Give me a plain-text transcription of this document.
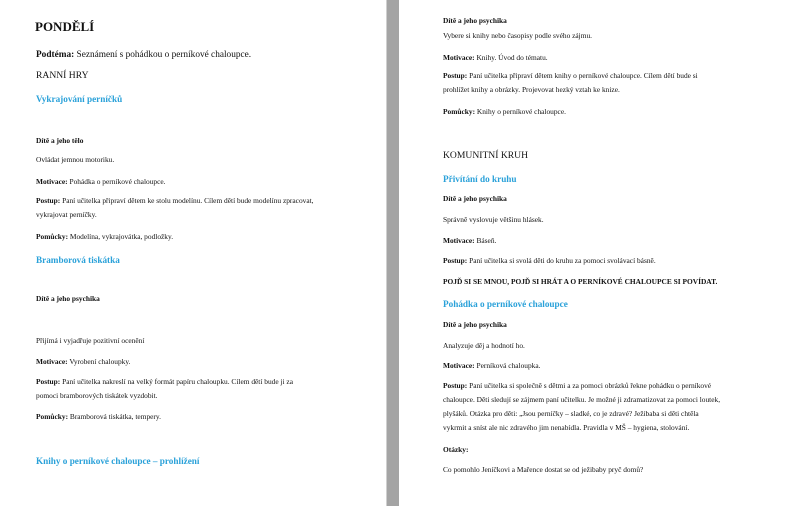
PONDĚLÍ
Podtéma: Seznámení s pohádkou o perníkové chaloupce.
RANNÍ HRY
Vykrajování perníčků
Dítě a jeho tělo
Ovládat jemnou motoriku.
Motivace: Pohádka o perníkové chaloupce.
Postup: Paní učitelka připraví dětem ke stolu modelínu. Cílem dětí bude modelínu zpracovat,
vykrajovat perníčky.
Pomůcky: Modelína, vykrajovátka, podložky.
Bramborová tiskátka
Dítě a jeho psychika
Přijímá i vyjadřuje pozitivní ocenění
Motivace: Vyrobení chaloupky.
Postup: Paní učitelka nakreslí na velký formát papíru chaloupku. Cílem dětí bude ji za
pomoci bramborových tiskátek vyzdobit.
Pomůcky: Bramborová tiskátka, tempery.
Knihy o perníkové chaloupce – prohlížení
Dítě a jeho psychika
Vybere si knihy nebo časopisy podle svého zájmu.
Motivace: Knihy. Úvod do tématu.
Postup: Paní učitelka připraví dětem knihy o perníkové chaloupce. Cílem dětí bude si
prohlížet knihy a obrázky. Projevovat hezký vztah ke knize.
Pomůcky: Knihy o perníkové chaloupce.
KOMUNITNÍ KRUH
Přivítání do kruhu
Dítě a jeho psychika
Správně vyslovuje většinu hlásek.
Motivace: Báseň.
Postup: Paní učitelka si svolá děti do kruhu za pomoci svolávací básně.
POJĎ SI SE MNOU, POJĎ SI HRÁT A O PERNÍKOVÉ CHALOUPCE SI POVÍDAT.
Pohádka o perníkové chaloupce
Dítě a jeho psychika
Analyzuje děj a hodnotí ho.
Motivace: Perníková chaloupka.
Postup: Paní učitelka si společně s dětmi a za pomoci obrázků řekne pohádku o perníkové
chaloupce. Děti sledují se zájmem paní učitelku. Je možné ji zdramatizovat za pomoci loutek,
plyšáků. Otázka pro děti: „Jsou perníčky – sladké, co je zdravé? Ježibaba si děti chtěla
vykrmit a sníst ale nic zdravého jim nenabídla. Pravidla v MŠ – hygiena, stolování.
Otázky:
Co pomohlo Jeníčkovi a Mařence dostat se od ježibaby pryč domů?
